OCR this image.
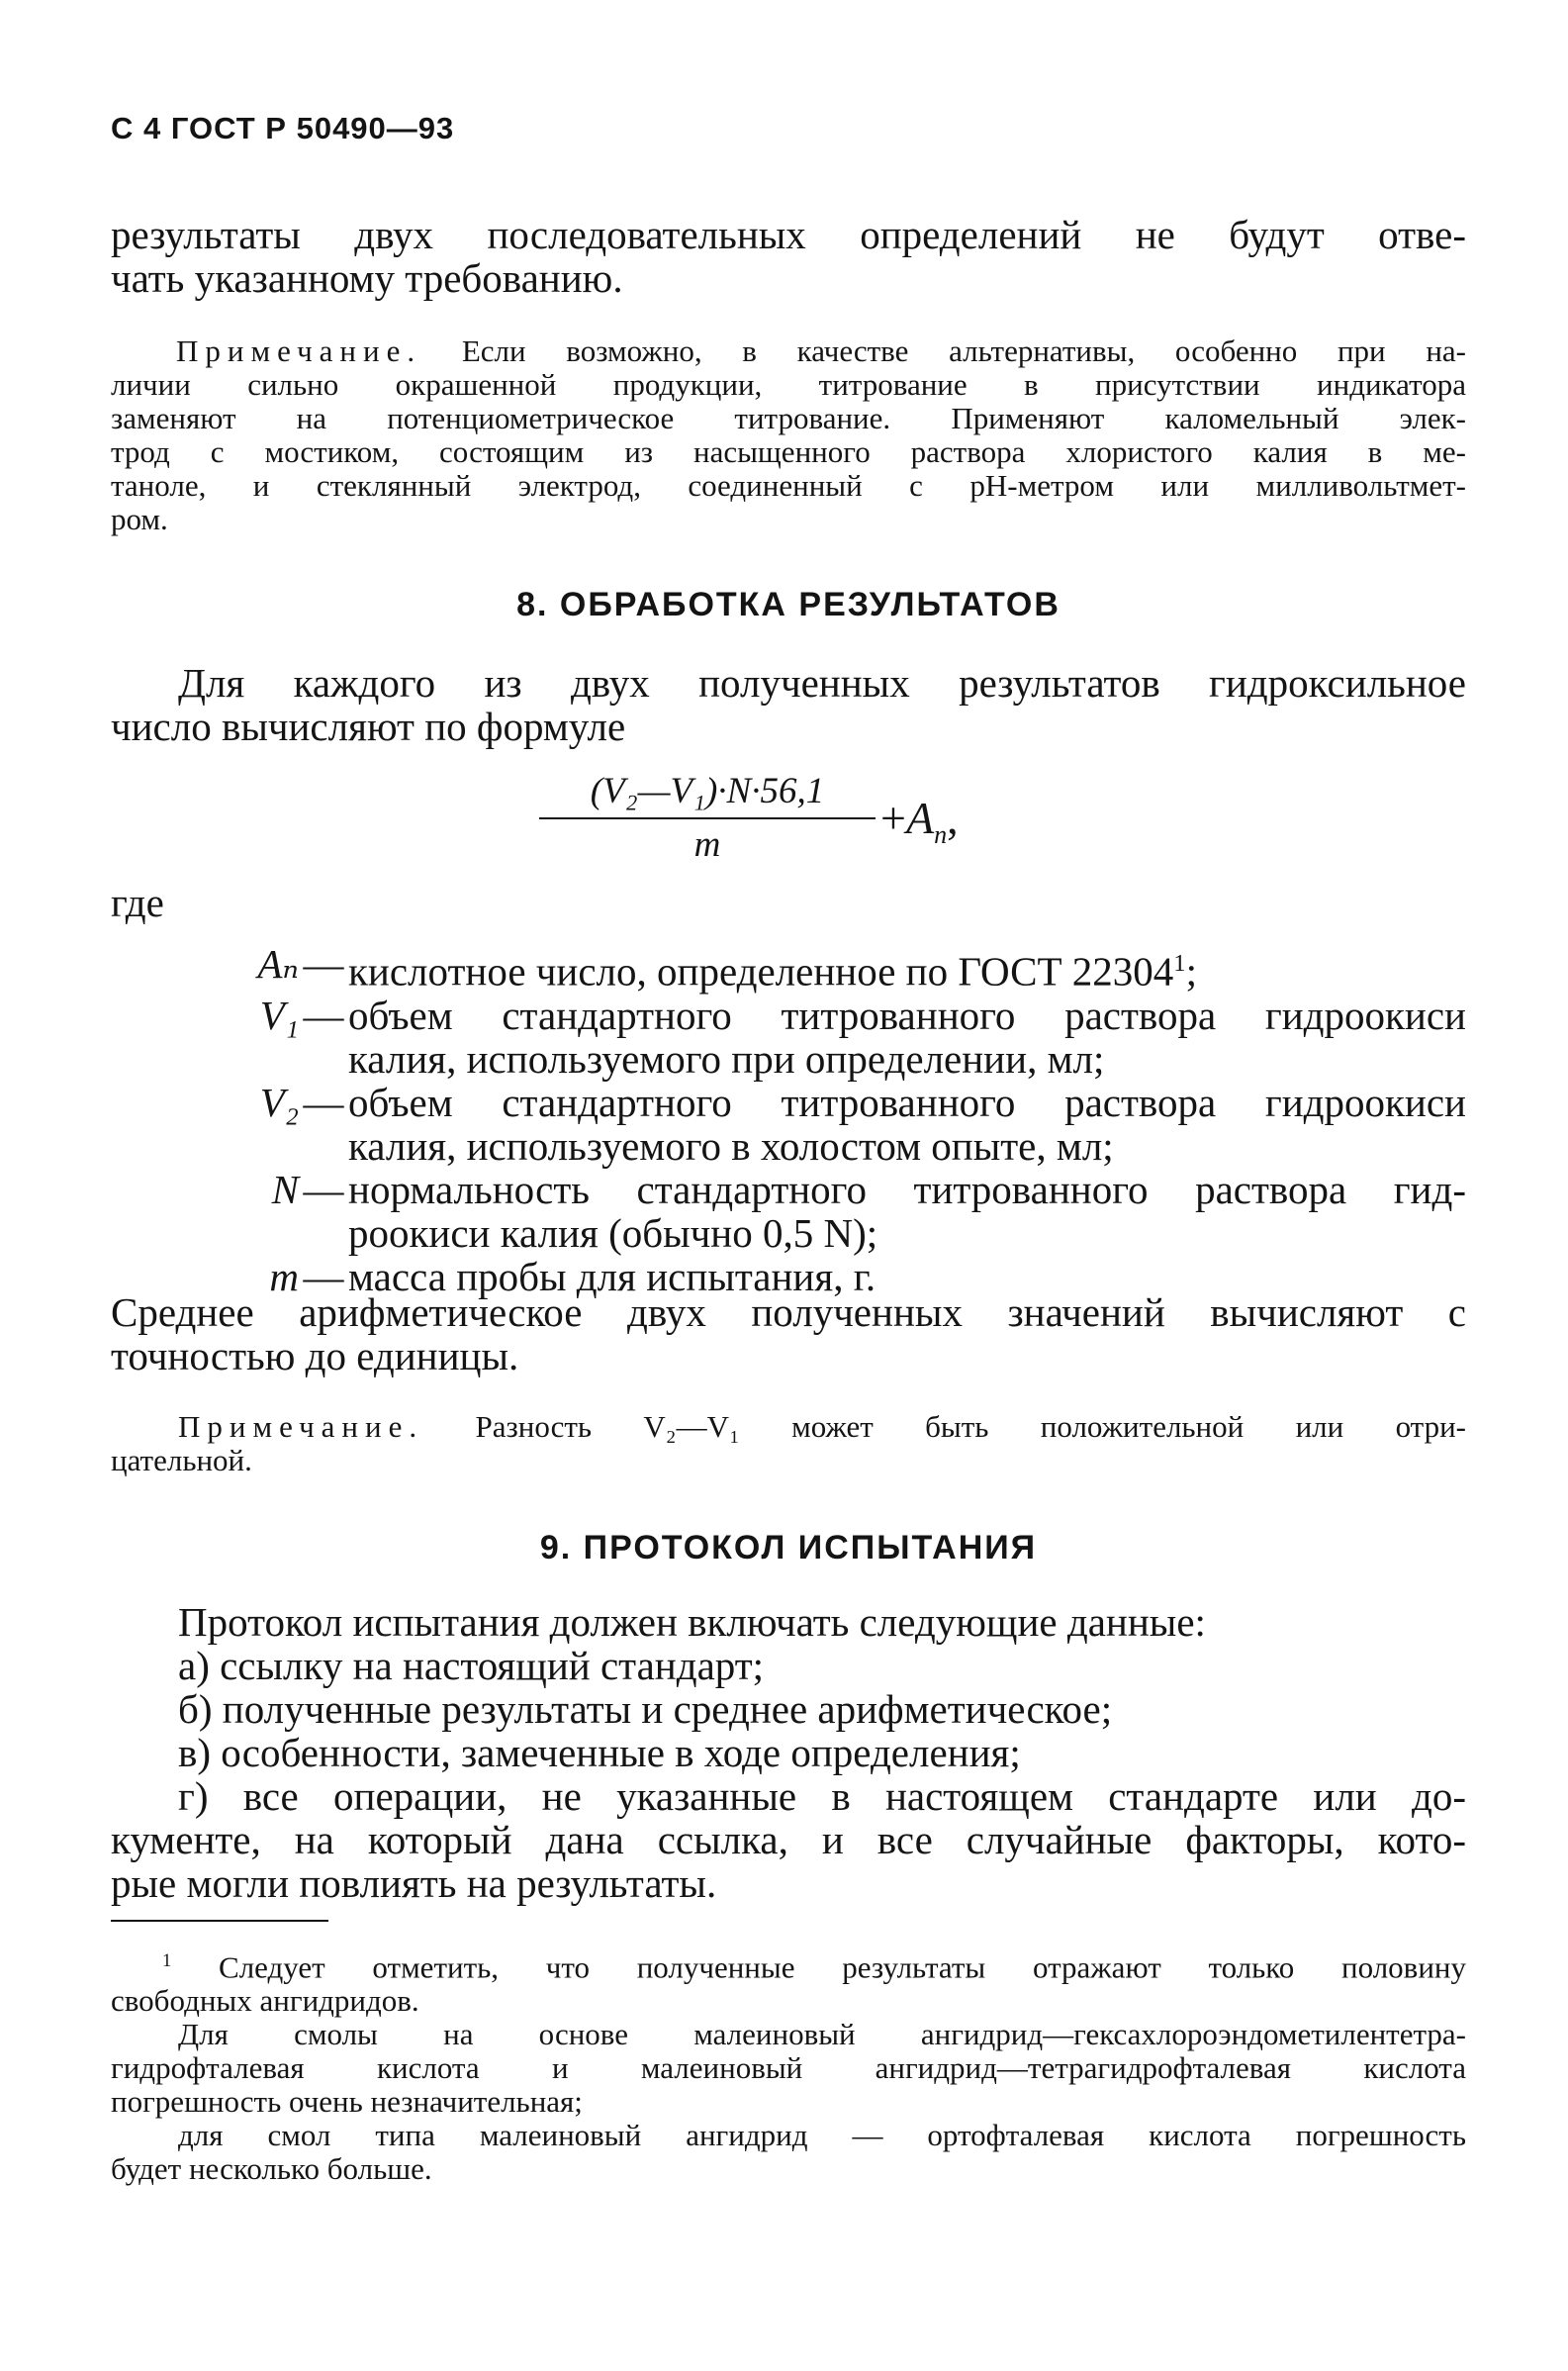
С 4 ГОСТ Р 50490—93

результаты двух последовательных определений не будут отве-
чать указанному требованию.

Примечание. Если возможно, в качестве альтернативы, особенно при на-

личии сильно окрашенной продукции, титрование в присутствии индикатора
заменяют на потенциометрическое титрование. Применяют каломельный элек-
трод с мостиком, состоящим из насыщенного раствора хлористого калия в ме-
таноле, и стеклянный электрод, соединенный с рН-метром или милливольтмет-
ром.

8. ОБРАБОТКА РЕЗУЛЬТАТОВ

Для каждого из двух полученных результатов гидроксильное
число вычисляют по формуле

(V₂—V₁)·N·56,1
m
$+A_n$,

где

Aₙ — кислотное число, определенное по ГОСТ 22304$^1$;
V₁ — объем стандартного титрованного раствора гидроокиси
калия, используемого при определении, мл;
V₂ — объем стандартного титрованного раствора гидроокиси
калия, используемого в холостом опыте, мл;
N — нормальность стандартного титрованного раствора гид-
роокиси калия (обычно 0,5 N);
m — масса пробы для испытания, г.

Среднее арифметическое двух полученных значений вычисляют с
точностью до единицы.

Примечание. Разность V₂—V₁ может быть положительной или отри-

цательной.

9. ПРОТОКОЛ ИСПЫТАНИЯ

Протокол испытания должен включать следующие данные:
а) ссылку на настоящий стандарт;
б) полученные результаты и среднее арифметическое;
в) особенности, замеченные в ходе определения;
г) все операции, не указанные в настоящем стандарте или до-

кументе, на который дана ссылка, и все случайные факторы, кото-
рые могли повлиять на результаты.

$^1$ Следует отметить, что полученные результаты отражают только половину
свободных ангидридов.
Для смолы на основе малеиновый ангидрид—гексахлороэндометилентетра-
гидрофталевая кислота и малеиновый ангидрид—тетрагидрофталевая кислота
погрешность очень незначительная;
для смол типа малеиновый ангидрид — ортофталевая кислота погрешность
будет несколько больше.
